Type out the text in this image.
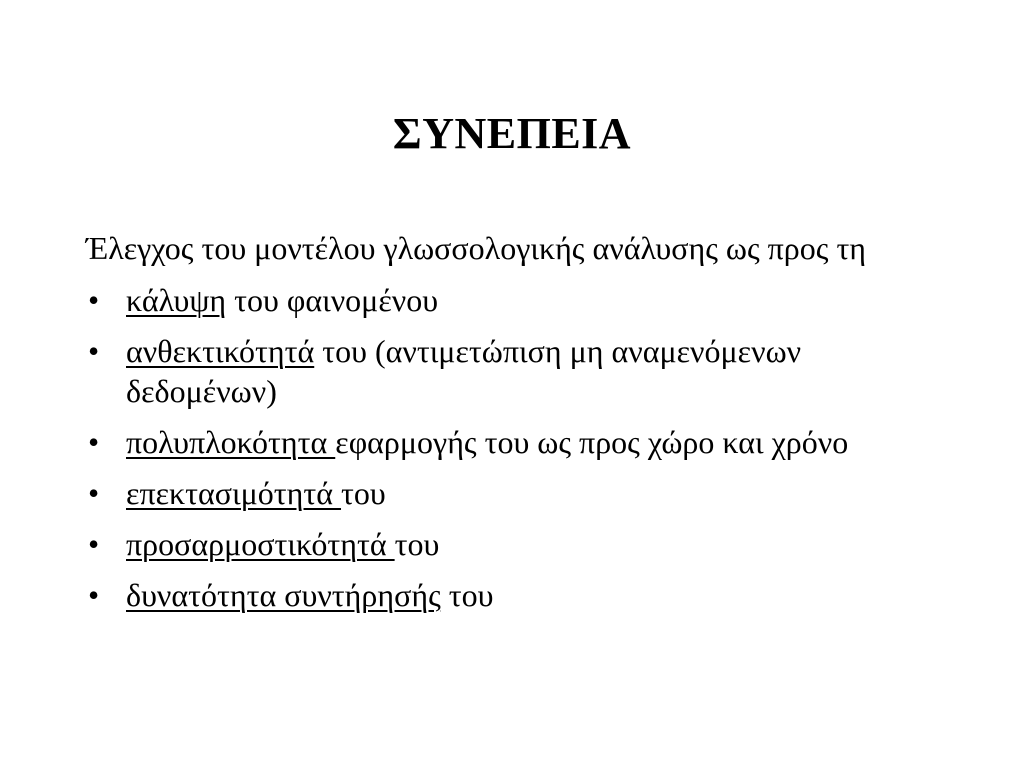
ΣΥΝΕΠΕΙΑ
Έλεγχος του μοντέλου γλωσσολογικής ανάλυσης ως προς τη
• κάλυψη του φαινομένου
• ανθεκτικότητά του (αντιμετώπιση μη αναμενόμενων δεδομένων)
• πολυπλοκότητα εφαρμογής του ως προς χώρο και χρόνο
• επεκτασιμότητά του
• προσαρμοστικότητά του
• δυνατότητα συντήρησής του
